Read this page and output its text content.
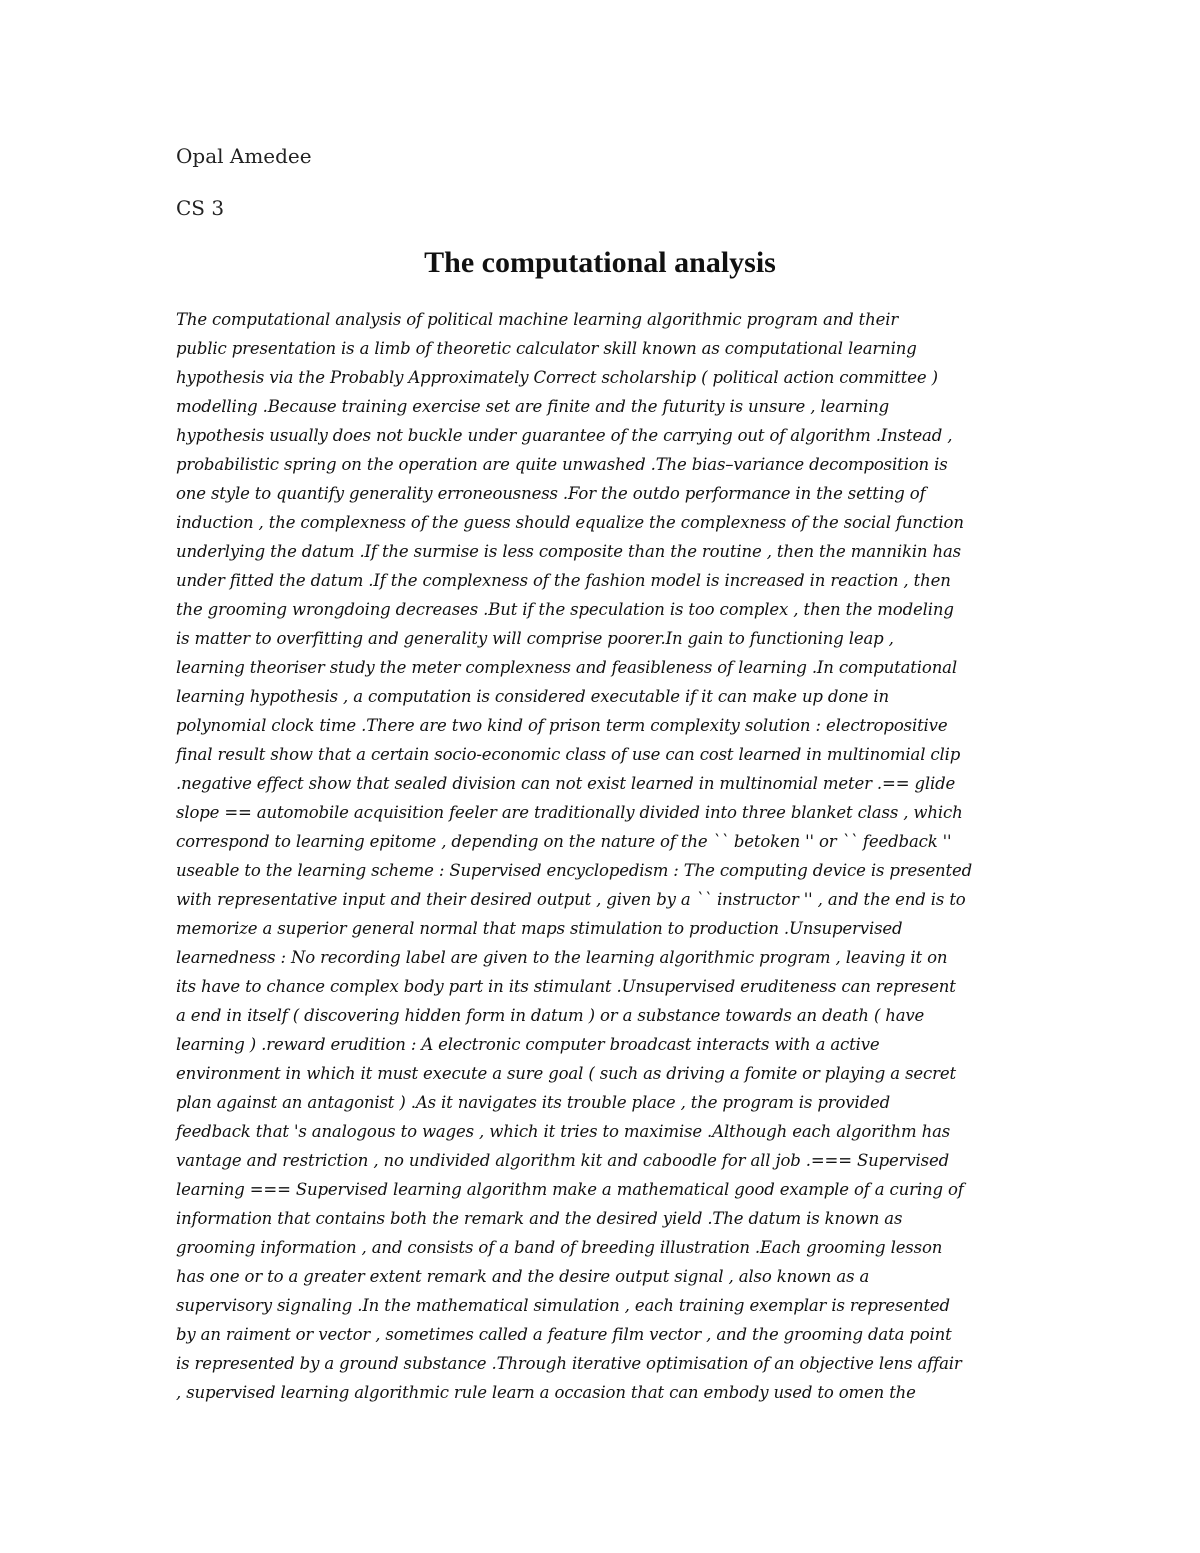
Opal Amedee
CS 3
The computational analysis
The computational analysis of political machine learning algorithmic program and their
public presentation is a limb of theoretic calculator skill known as computational learning
hypothesis via the Probably Approximately Correct scholarship ( political action committee )
modelling .Because training exercise set are finite and the futurity is unsure , learning
hypothesis usually does not buckle under guarantee of the carrying out of algorithm .Instead ,
probabilistic spring on the operation are quite unwashed .The bias–variance decomposition is
one style to quantify generality erroneousness .For the outdo performance in the setting of
induction , the complexness of the guess should equalize the complexness of the social function
underlying the datum .If the surmise is less composite than the routine , then the mannikin has
under fitted the datum .If the complexness of the fashion model is increased in reaction , then
the grooming wrongdoing decreases .But if the speculation is too complex , then the modeling
is matter to overfitting and generality will comprise poorer.In gain to functioning leap ,
learning theoriser study the meter complexness and feasibleness of learning .In computational
learning hypothesis , a computation is considered executable if it can make up done in
polynomial clock time .There are two kind of prison term complexity solution : electropositive
final result show that a certain socio-economic class of use can cost learned in multinomial clip
.negative effect show that sealed division can not exist learned in multinomial meter .== glide
slope == automobile acquisition feeler are traditionally divided into three blanket class , which
correspond to learning epitome , depending on the nature of the `` betoken '' or `` feedback ''
useable to the learning scheme : Supervised encyclopedism : The computing device is presented
with representative input and their desired output , given by a `` instructor '' , and the end is to
memorize a superior general normal that maps stimulation to production .Unsupervised
learnedness : No recording label are given to the learning algorithmic program , leaving it on
its have to chance complex body part in its stimulant .Unsupervised eruditeness can represent
a end in itself ( discovering hidden form in datum ) or a substance towards an death ( have
learning ) .reward erudition : A electronic computer broadcast interacts with a active
environment in which it must execute a sure goal ( such as driving a fomite or playing a secret
plan against an antagonist ) .As it navigates its trouble place , the program is provided
feedback that 's analogous to wages , which it tries to maximise .Although each algorithm has
vantage and restriction , no undivided algorithm kit and caboodle for all job .=== Supervised
learning === Supervised learning algorithm make a mathematical good example of a curing of
information that contains both the remark and the desired yield .The datum is known as
grooming information , and consists of a band of breeding illustration .Each grooming lesson
has one or to a greater extent remark and the desire output signal , also known as a
supervisory signaling .In the mathematical simulation , each training exemplar is represented
by an raiment or vector , sometimes called a feature film vector , and the grooming data point
is represented by a ground substance .Through iterative optimisation of an objective lens affair
, supervised learning algorithmic rule learn a occasion that can embody used to omen the
